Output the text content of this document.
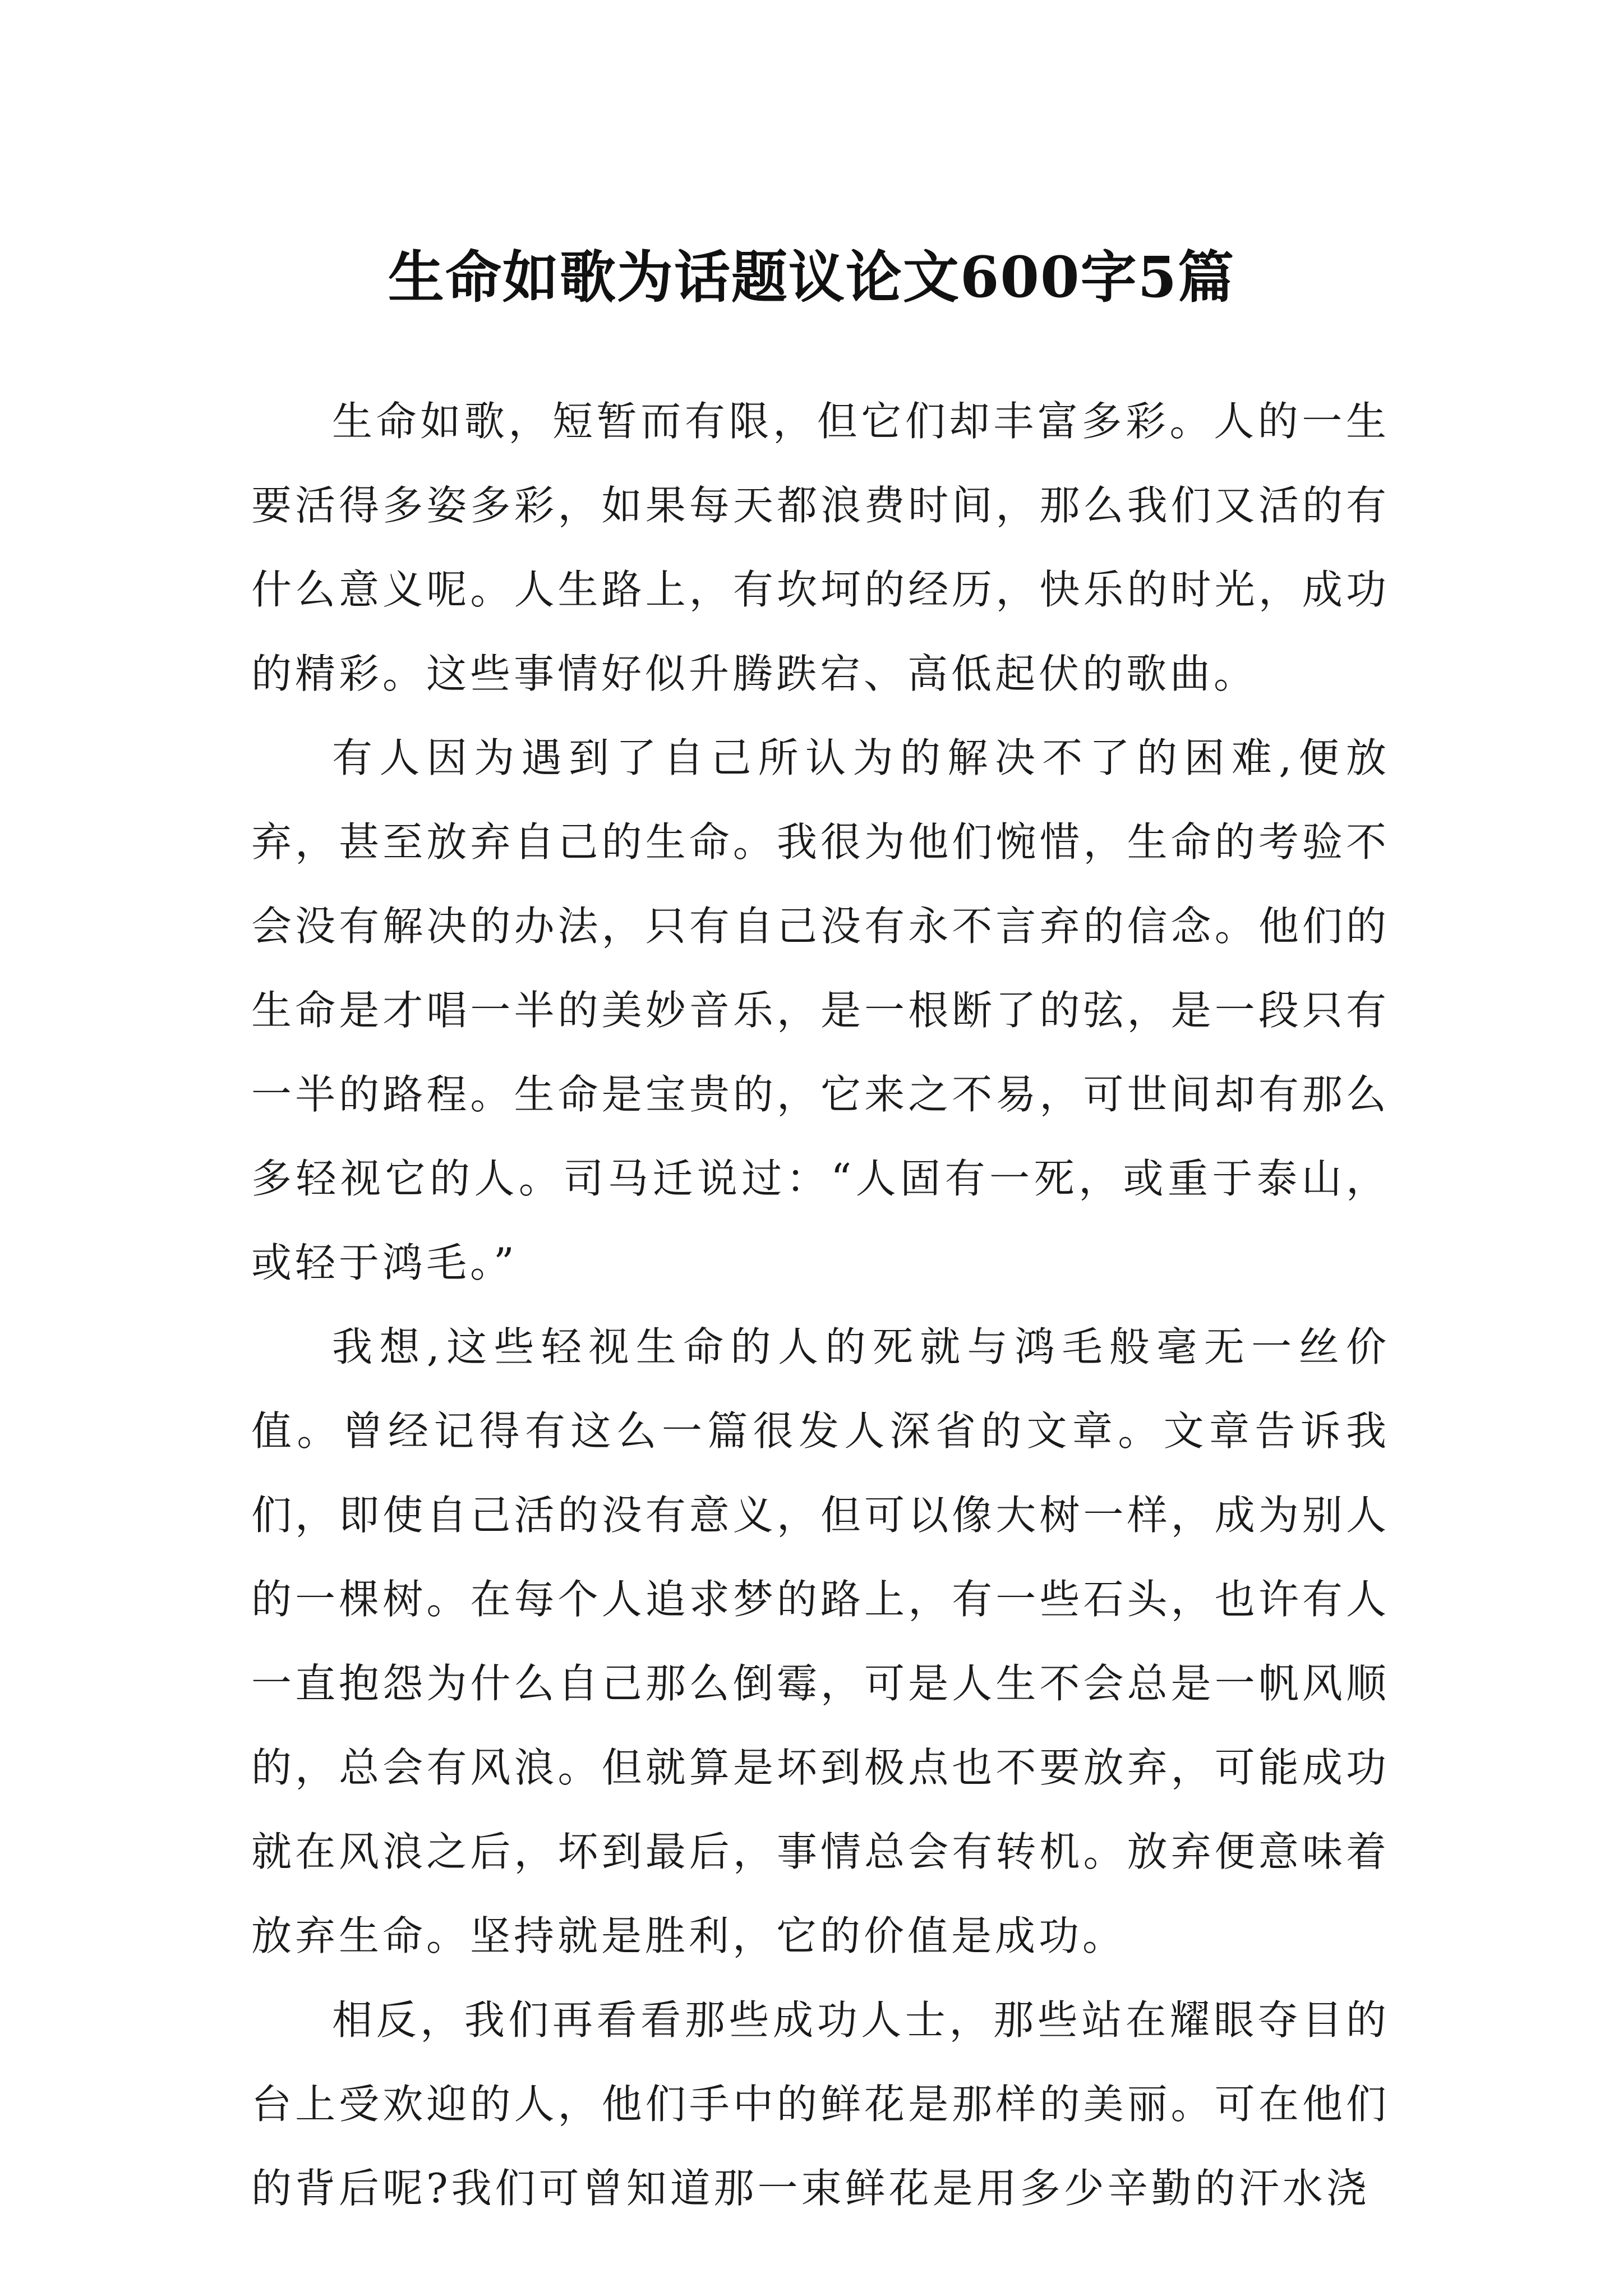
生命如歌为话题议论文600字5篇

生命如歌，短暂而有限，但它们却丰富多彩。人的一生要活得多姿多彩，如果每天都浪费时间，那么我们又活的有什么意义呢。人生路上，有坎坷的经历，快乐的时光，成功的精彩。这些事情好似升腾跌宕、高低起伏的歌曲。

有人因为遇到了自己所认为的解决不了的困难,便放弃，甚至放弃自己的生命。我很为他们惋惜，生命的考验不会没有解决的办法，只有自己没有永不言弃的信念。他们的生命是才唱一半的美妙音乐，是一根断了的弦，是一段只有一半的路程。生命是宝贵的，它来之不易，可世间却有那么多轻视它的人。司马迁说过：“人固有一死，或重于泰山，或轻于鸿毛。”

我想,这些轻视生命的人的死就与鸿毛般毫无一丝价值。曾经记得有这么一篇很发人深省的文章。文章告诉我们，即使自己活的没有意义，但可以像大树一样，成为别人的一棵树。在每个人追求梦的路上，有一些石头，也许有人一直抱怨为什么自己那么倒霉，可是人生不会总是一帆风顺的，总会有风浪。但就算是坏到极点也不要放弃，可能成功就在风浪之后，坏到最后，事情总会有转机。放弃便意味着放弃生命。坚持就是胜利，它的价值是成功。

相反，我们再看看那些成功人士，那些站在耀眼夺目的台上受欢迎的人，他们手中的鲜花是那样的美丽。可在他们的背后呢?我们可曾知道那一束鲜花是用多少辛勤的汗水浇
